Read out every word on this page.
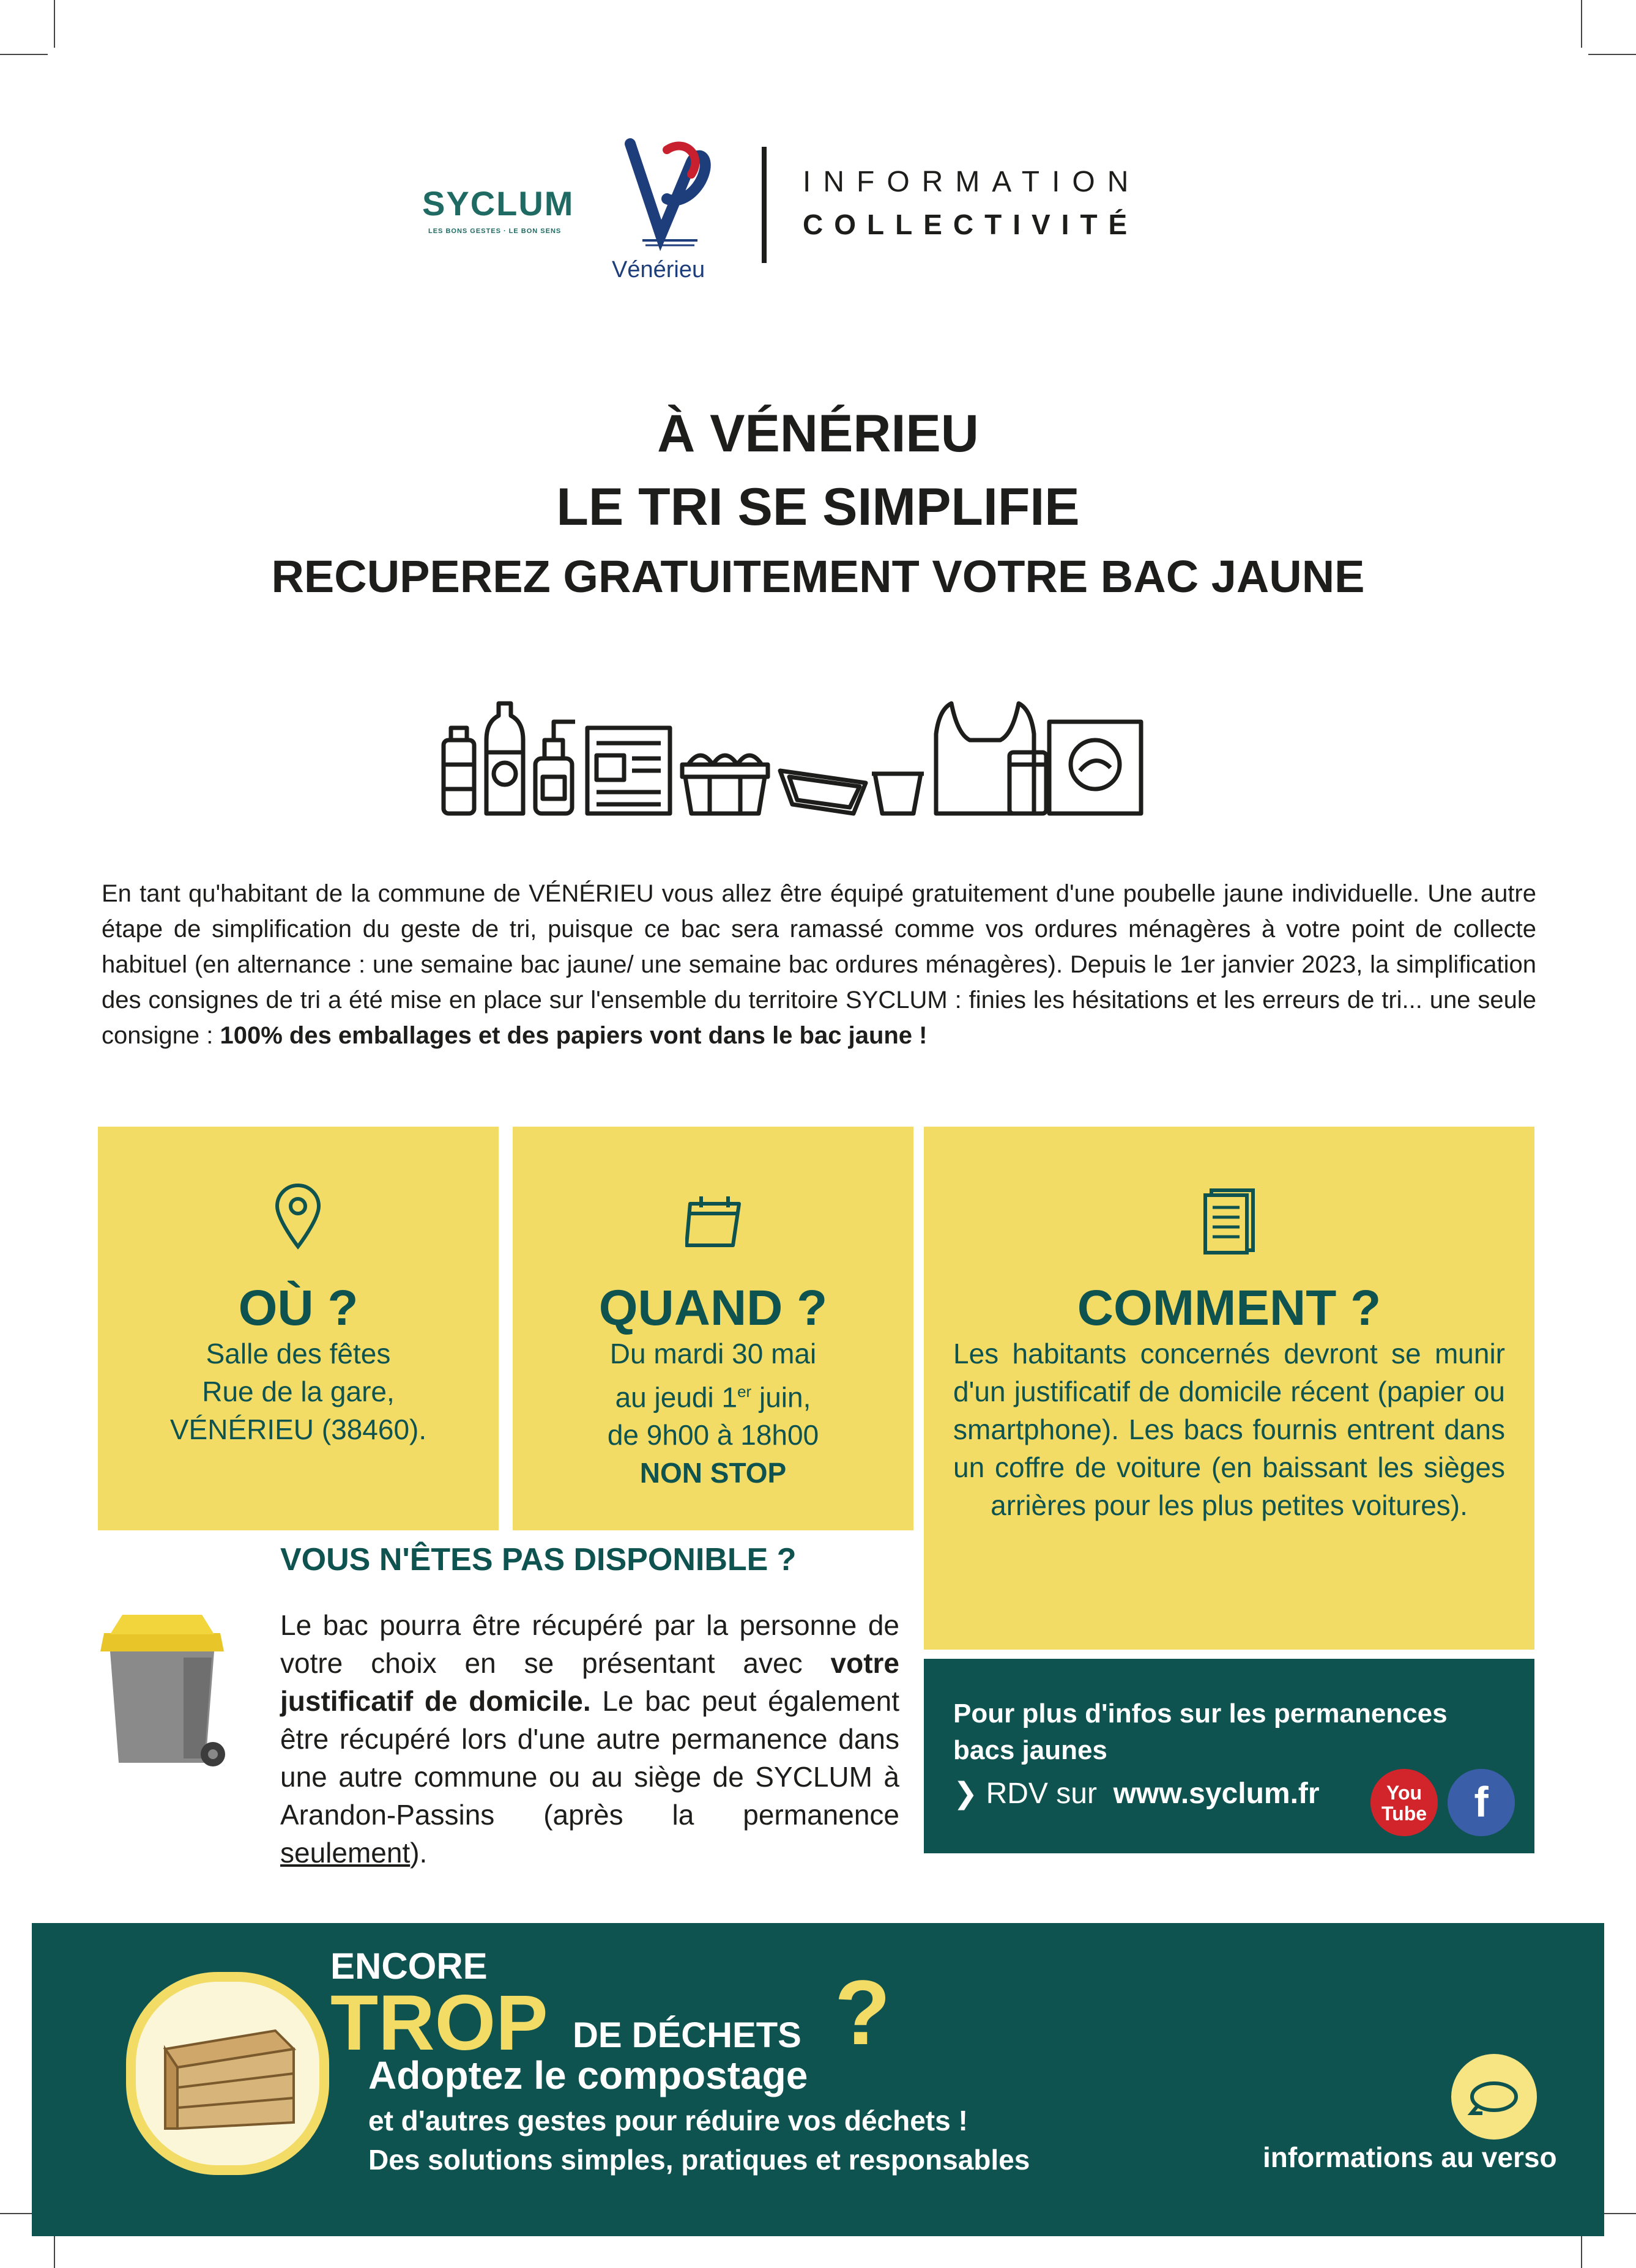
SYCLUM
LES BONS GESTES · LE BON SENS
Vénérieu
INFORMATION
COLLECTIVITÉ
À VÉNÉRIEU
LE TRI SE SIMPLIFIE
RECUPEREZ GRATUITEMENT VOTRE BAC JAUNE
En tant qu'habitant de la commune de VÉNÉRIEU vous allez être équipé gratuitement d'une poubelle jaune individuelle. Une autre étape de simplification du geste de tri, puisque ce bac sera ramassé comme vos ordures ménagères à votre point de collecte habituel (en alternance : une semaine bac jaune/ une semaine bac ordures ménagères). Depuis le 1er janvier 2023, la simplification des consignes de tri a été mise en place sur l'ensemble du territoire SYCLUM : finies les hésitations et les erreurs de tri... une seule consigne : 100% des emballages et des papiers vont dans le bac jaune !
OÙ ?
Salle des fêtes
Rue de la gare,
VÉNÉRIEU (38460).
QUAND ?
Du mardi 30 mai
au jeudi 1er juin,
de 9h00 à 18h00
NON STOP
COMMENT ?
Les habitants concernés devront se munir d'un justificatif de domicile récent (papier ou smartphone). Les bacs fournis entrent dans un coffre de voiture (en baissant les sièges arrières pour les plus petites voitures).
VOUS N'ÊTES PAS DISPONIBLE ?
Le bac pourra être récupéré par la personne de votre choix en se présentant avec votre justificatif de domicile. Le bac peut également être récupéré lors d'une autre permanence dans une autre commune ou au siège de SYCLUM à Arandon-Passins (après la permanence seulement).
Pour plus d'infos sur les permanences bacs jaunes
❯ RDV sur www.syclum.fr	You Tube	f
ENCORE
TROP DE DÉCHETS ?
Adoptez le compostage
et d'autres gestes pour réduire vos déchets !
Des solutions simples, pratiques et responsables	informations au verso
